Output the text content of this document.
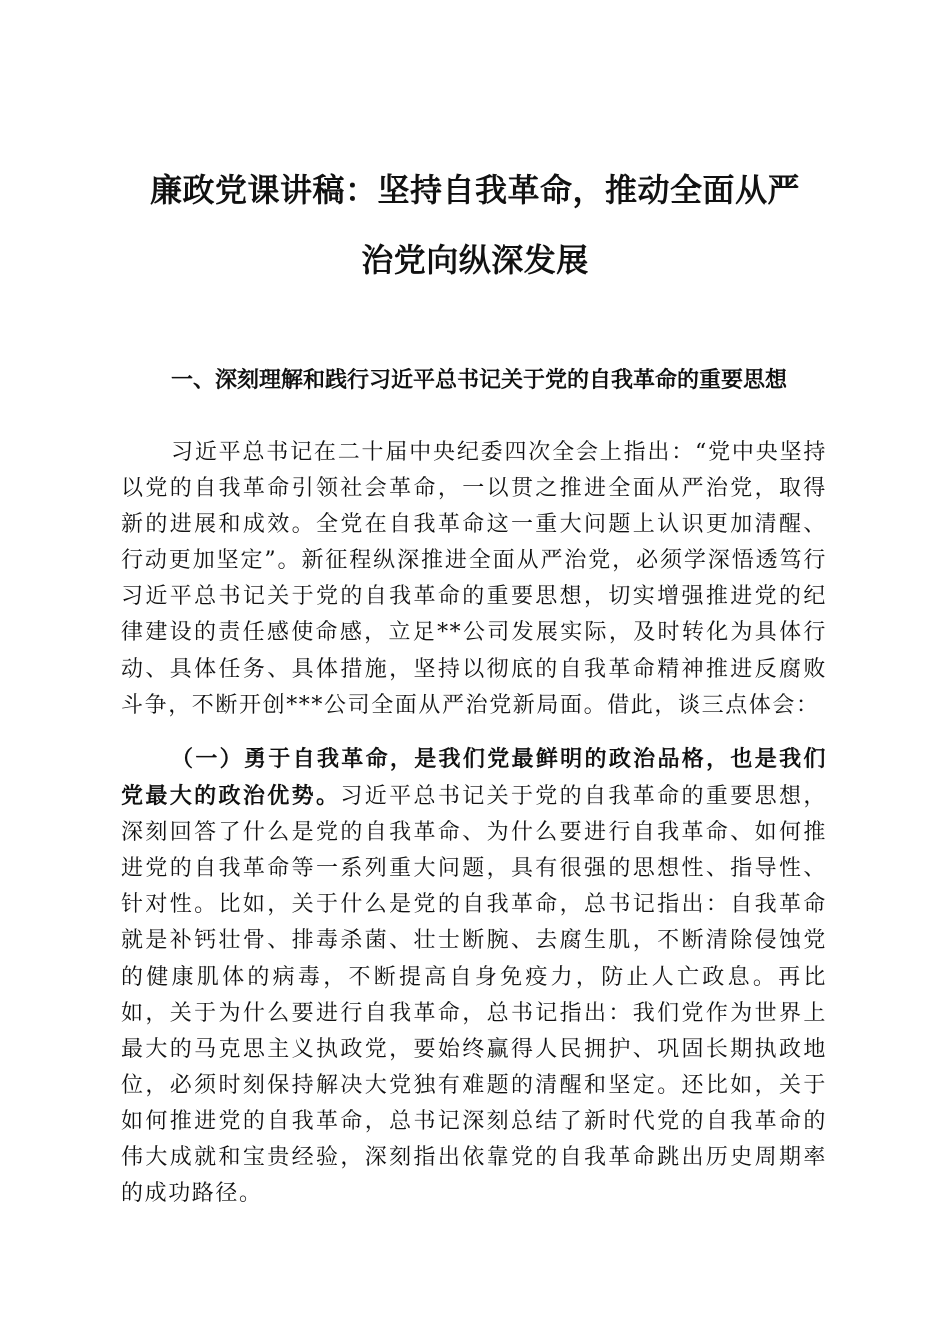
廉政党课讲稿：坚持自我革命，推动全面从严
治党向纵深发展
一、深刻理解和践行习近平总书记关于党的自我革命的重要思想
习近平总书记在二十届中央纪委四次全会上指出：“党中央坚持以党的自我革命引领社会革命，一以贯之推进全面从严治党，取得新的进展和成效。全党在自我革命这一重大问题上认识更加清醒、行动更加坚定”。新征程纵深推进全面从严治党，必须学深悟透笃行习近平总书记关于党的自我革命的重要思想，切实增强推进党的纪律建设的责任感使命感，立足**公司发展实际，及时转化为具体行动、具体任务、具体措施，坚持以彻底的自我革命精神推进反腐败斗争，不断开创***公司全面从严治党新局面。借此，谈三点体会：
（一）勇于自我革命，是我们党最鲜明的政治品格，也是我们党最大的政治优势。习近平总书记关于党的自我革命的重要思想，深刻回答了什么是党的自我革命、为什么要进行自我革命、如何推进党的自我革命等一系列重大问题，具有很强的思想性、指导性、针对性。比如，关于什么是党的自我革命，总书记指出：自我革命就是补钙壮骨、排毒杀菌、壮士断腕、去腐生肌，不断清除侵蚀党的健康肌体的病毒，不断提高自身免疫力，防止人亡政息。再比如，关于为什么要进行自我革命，总书记指出：我们党作为世界上最大的马克思主义执政党，要始终赢得人民拥护、巩固长期执政地位，必须时刻保持解决大党独有难题的清醒和坚定。还比如，关于如何推进党的自我革命，总书记深刻总结了新时代党的自我革命的伟大成就和宝贵经验，深刻指出依靠党的自我革命跳出历史周期率的成功路径。
